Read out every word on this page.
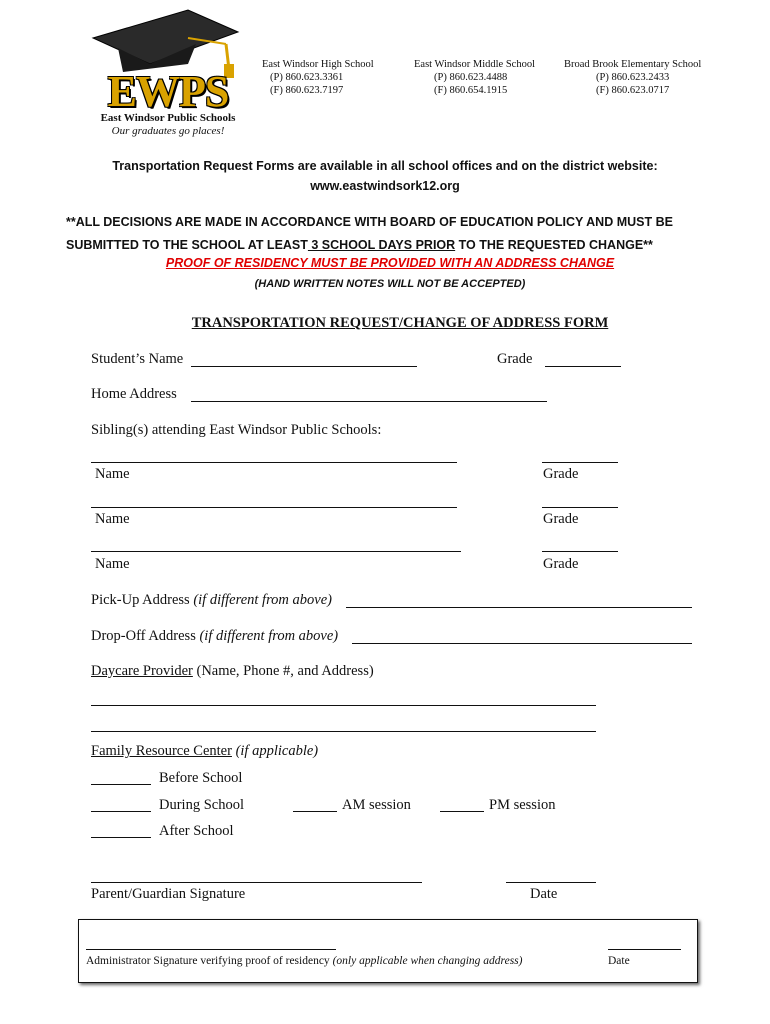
EWPS
East Windsor Public Schools
Our graduates go places!
East Windsor High School
(P) 860.623.3361
(F) 860.623.7197
East Windsor Middle School
(P) 860.623.4488
(F) 860.654.1915
Broad Brook Elementary School
(P) 860.623.2433
(F) 860.623.0717
Transportation Request Forms are available in all school offices and on the district website:
www.eastwindsork12.org
**ALL DECISIONS ARE MADE IN ACCORDANCE WITH BOARD OF EDUCATION POLICY AND MUST BE
SUBMITTED TO THE SCHOOL AT LEAST 3 SCHOOL DAYS PRIOR TO THE REQUESTED CHANGE**
PROOF OF RESIDENCY MUST BE PROVIDED WITH AN ADDRESS CHANGE
(HAND WRITTEN NOTES WILL NOT BE ACCEPTED)
TRANSPORTATION REQUEST/CHANGE OF ADDRESS FORM
Student’s Name	Grade
Home Address
Sibling(s) attending East Windsor Public Schools:
Name	Grade
Name	Grade
Name	Grade
Pick-Up Address (if different from above)
Drop-Off Address (if different from above)
Daycare Provider (Name, Phone #, and Address)
Family Resource Center (if applicable)
Before School
During School	AM session	PM session
After School
Parent/Guardian Signature	Date
Administrator Signature verifying proof of residency (only applicable when changing address)	Date
